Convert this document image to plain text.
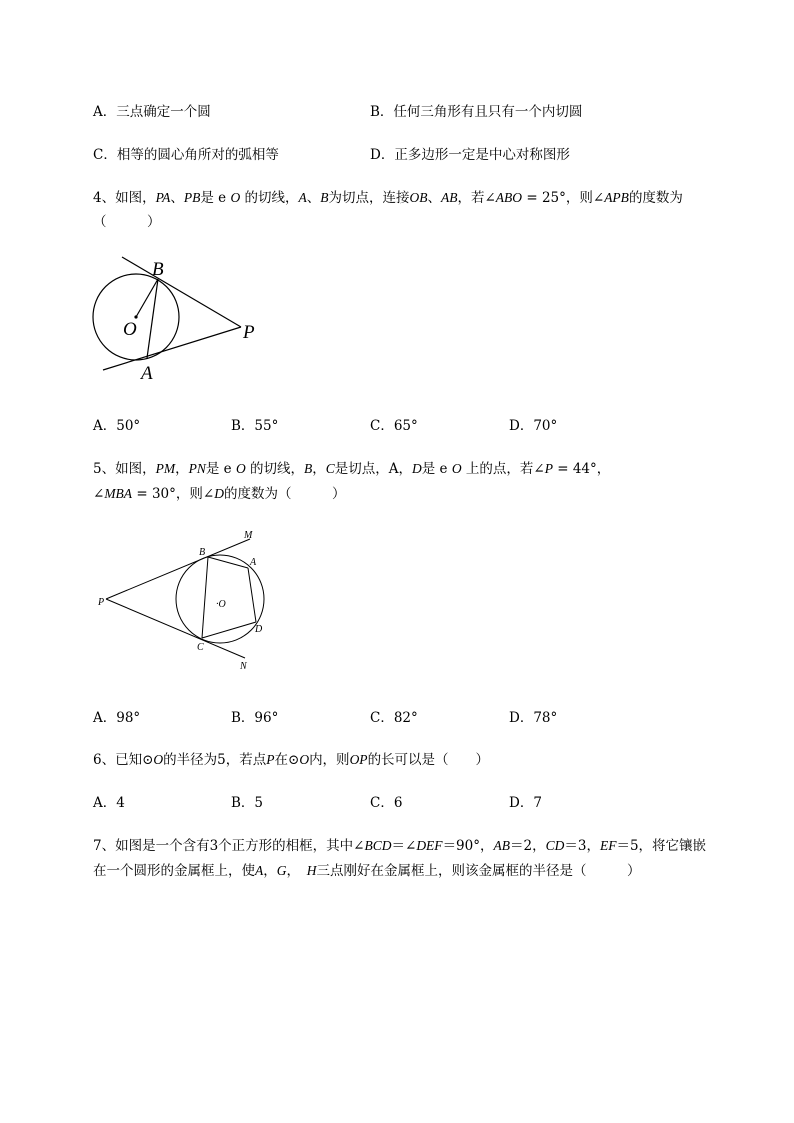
A．三点确定一个圆	B．任何三角形有且只有一个内切圆
C．相等的圆心角所对的弧相等	D．正多边形一定是中心对称图形
4、如图，PA、PB是 e O 的切线，A、B为切点，连接OB、AB，若∠ABO = 25°，则∠APB的度数为
（　　　）
B
O	P
A
A．50°	B．55°	C．65°	D．70°
5、如图，PM，PN是 e O 的切线，B，C是切点，A，D是 e O 上的点，若∠P = 44°，
∠MBA = 30°，则∠D的度数为（　　　）
B
M
A
P	·O
D
C
N
A．98°	B．96°	C．82°	D．78°
6、已知⊙O的半径为5，若点P在⊙O内，则OP的长可以是（　　）
A．4	B．5	C．6	D．7
7、如图是一个含有3个正方形的相框，其中∠BCD＝∠DEF＝90°，AB＝2，CD＝3，EF＝5，将它镶嵌
在一个圆形的金属框上，使A，G，　H三点刚好在金属框上，则该金属框的半径是（　　　）
